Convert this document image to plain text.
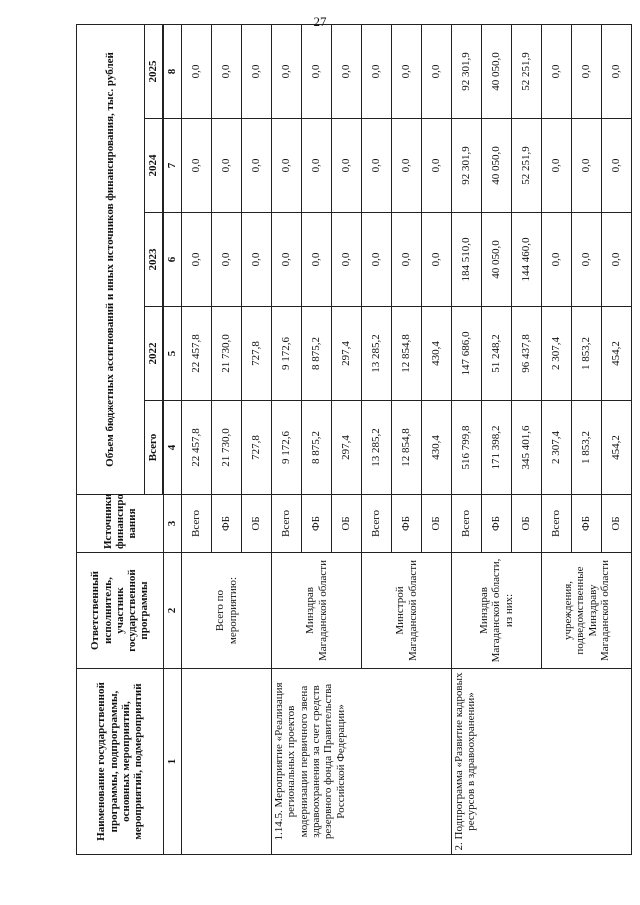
27
Наименование государственной программы, подпрограммы, основных мероприятий, мероприятий, подмероприятий	Ответственный исполнитель, участник государственной программы	Источники финансиро вания	Объем бюджетных ассигнований и иных источников финансирования, тыс. рублей				
			Всего	2022	2023	2024	2025

1	2	3	4	5	6	7	8
	Всего по мероприятию:	Всего	22 457,8	22 457,8	0,0	0,0	0,0
		ФБ	21 730,0	21 730,0	0,0	0,0	0,0
		ОБ	727,8	727,8	0,0	0,0	0,0
1.14.5. Мероприятие «Реализация региональных проектов модернизации первичного звена здравоохранения за счет средств резервного фонда Правительства Российской Федерации»	Минздрав Магаданской области	Всего	9 172,6	9 172,6	0,0	0,0	0,0
		ФБ	8 875,2	8 875,2	0,0	0,0	0,0
		ОБ	297,4	297,4	0,0	0,0	0,0
	Минстрой Магаданской области	Всего	13 285,2	13 285,2	0,0	0,0	0,0
		ФБ	12 854,8	12 854,8	0,0	0,0	0,0
		ОБ	430,4	430,4	0,0	0,0	0,0
2. Подпрограмма «Развитие кадровых ресурсов в здравоохранении»	Минздрав Магаданской области, из них:	Всего	516 799,8	147 686,0	184 510,0	92 301,9	92 301,9
		ФБ	171 398,2	51 248,2	40 050,0	40 050,0	40 050,0
		ОБ	345 401,6	96 437,8	144 460,0	52 251,9	52 251,9
	учреждения, подведомственные Минздраву Магаданской области	Всего	2 307,4	2 307,4	0,0	0,0	0,0
		ФБ	1 853,2	1 853,2	0,0	0,0	0,0
		ОБ	454,2	454,2	0,0	0,0	0,0
